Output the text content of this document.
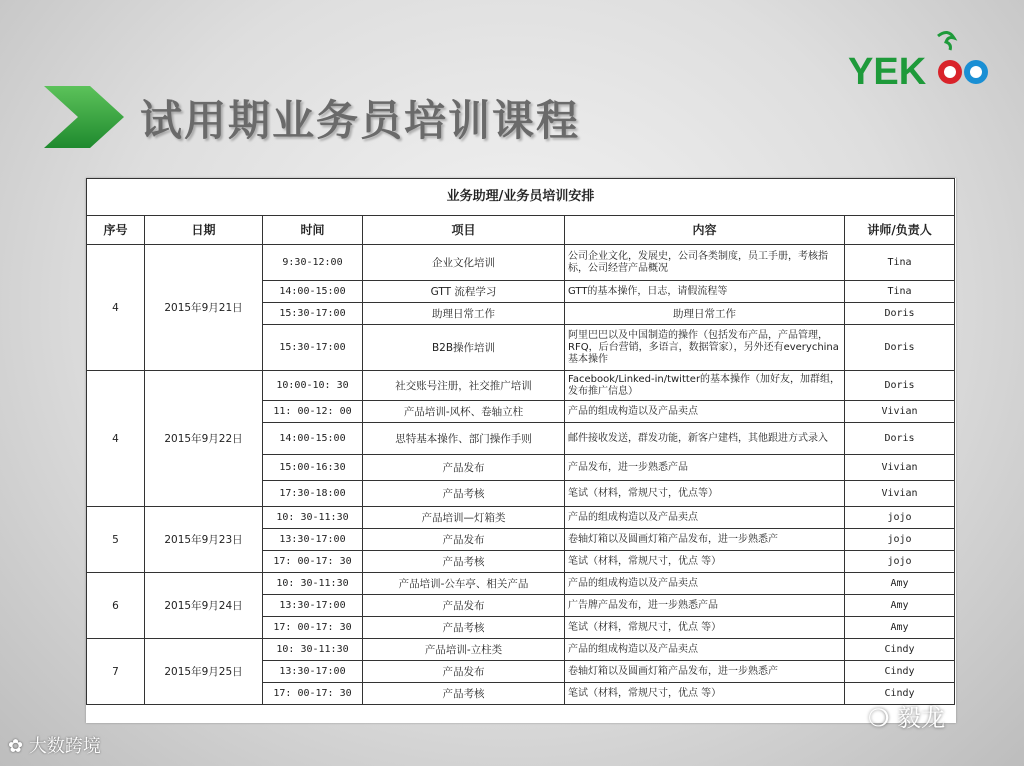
试用期业务员培训课程
YEK
业务助理/业务员培训安排					
序号	日期	时间	项目	内容	讲师/负责人
4	2015年9月21日	9:30-12:00	企业文化培训	公司企业文化，发展史，公司各类制度，员工手册，考核指标，公司经营产品概况	Tina
		14:00-15:00	GTT 流程学习	GTT的基本操作，日志，请假流程等	Tina
		15:30-17:00	助理日常工作	助理日常工作	Doris
		15:30-17:00	B2B操作培训	阿里巴巴以及中国制造的操作（包括发布产品，产品管理，RFQ，后台营销，多语言，数据管家），另外还有everychina 基本操作	Doris
4	2015年9月22日	10:00-10: 30	社交账号注册，社交推广培训	Facebook/Linked-in/twitter的基本操作（加好友，加群组，发布推广信息）	Doris
		11: 00-12: 00	产品培训-风杯、卷轴立柱	产品的组成构造以及产品卖点	Vivian
		14:00-15:00	思特基本操作、部门操作手则	邮件接收发送，群发功能，新客户建档，其他跟进方式录入	Doris
		15:00-16:30	产品发布	产品发布，进一步熟悉产品	Vivian
		17:30-18:00	产品考核	笔试（材料，常规尺寸，优点等）	Vivian
5	2015年9月23日	10: 30-11:30	产品培训—灯箱类	产品的组成构造以及产品卖点	jojo
		13:30-17:00	产品发布	卷轴灯箱以及圆画灯箱产品发布，进一步熟悉产	jojo
		17: 00-17: 30	产品考核	笔试（材料，常规尺寸，优点 等）	jojo
6	2015年9月24日	10: 30-11:30	产品培训-公车亭、相关产品	产品的组成构造以及产品卖点	Amy
		13:30-17:00	产品发布	广告牌产品发布，进一步熟悉产品	Amy
		17: 00-17: 30	产品考核	笔试（材料，常规尺寸，优点 等）	Amy
7	2015年9月25日	10: 30-11:30	产品培训-立柱类	产品的组成构造以及产品卖点	Cindy
		13:30-17:00	产品发布	卷轴灯箱以及圆画灯箱产品发布，进一步熟悉产	Cindy
		17: 00-17: 30	产品考核	笔试（材料，常规尺寸，优点 等）	Cindy
✿ 大数跨境
❍ 毅龙
